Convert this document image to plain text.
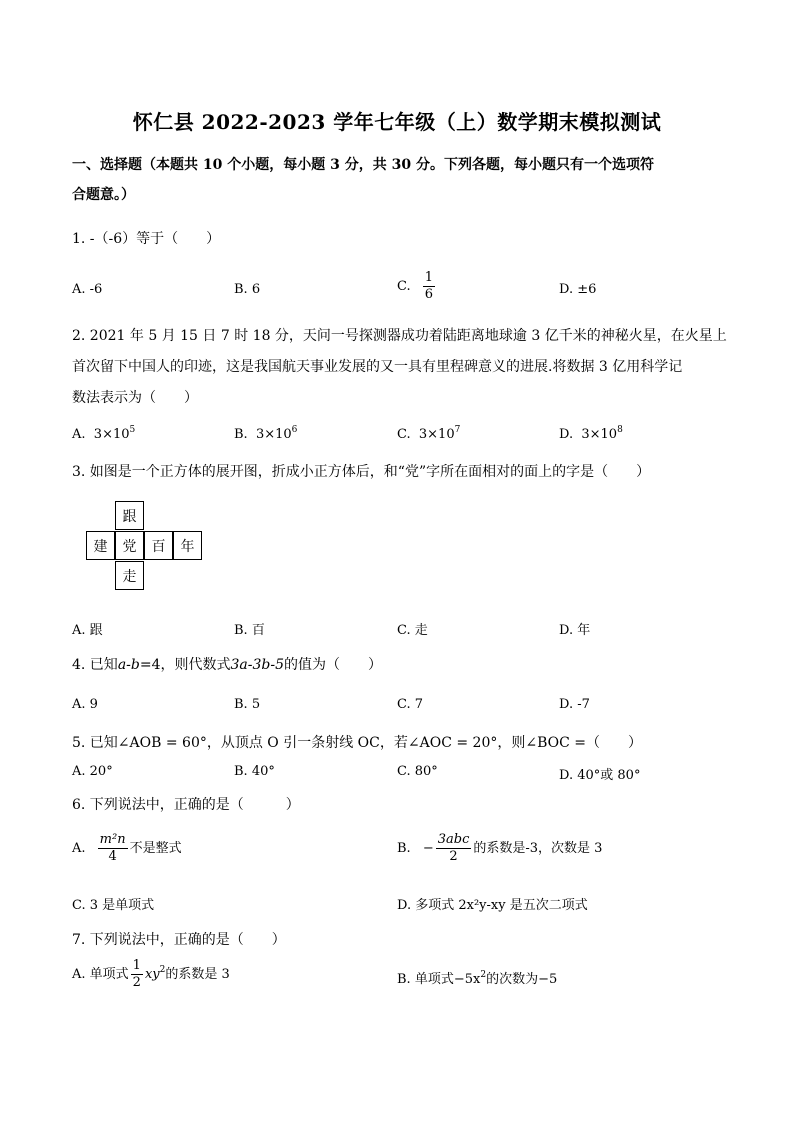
怀仁县 2022-2023 学年七年级（上）数学期末模拟测试
一、选择题（本题共 10 个小题，每小题 3 分，共 30 分。下列各题，每小题只有一个选项符
合题意。）
1. -（-6）等于（　　）
A. -6	B. 6	C. $\frac{1}{6}$	D. ±6
2. 2021 年 5 月 15 日 7 时 18 分，天问一号探测器成功着陆距离地球逾 3 亿千米的神秘火星，在火星上
首次留下中国人的印迹，这是我国航天事业发展的又一具有里程碑意义的进展.将数据 3 亿用科学记
数法表示为（　　）
A. $3\times 10^5$	B. $3\times 10^6$	C. $3\times 10^7$	D. $3\times 10^8$
3. 如图是一个正方体的展开图，折成小正方体后，和“党”字所在面相对的面上的字是（　　）
跟
建	党	百	年
走
A. 跟	B. 百	C. 走	D. 年
4. 已知a-b=4，则代数式3a-3b-5的值为（　　）
A. 9	B. 5	C. 7	D. -7
5. 已知∠AOB = 60°，从顶点 O 引一条射线 OC，若∠AOC = 20°，则∠BOC =（　　）
A. 20°	B. 40°	C. 80°	D. 40°或 80°
6. 下列说法中，正确的是（　　　）
A. $\frac{\text{m²n}}{4}$ 不是整式	B. − $\frac{\text{3abc}}{2}$ 的系数是-3，次数是 3
C. 3 是单项式	D. 多项式 2x²y-xy 是五次二项式
7. 下列说法中，正确的是（　　）
A. 单项式 $\frac{1}{2} xy^2$的系数是 3	B. 单项式$-5x^2$的次数为−5
